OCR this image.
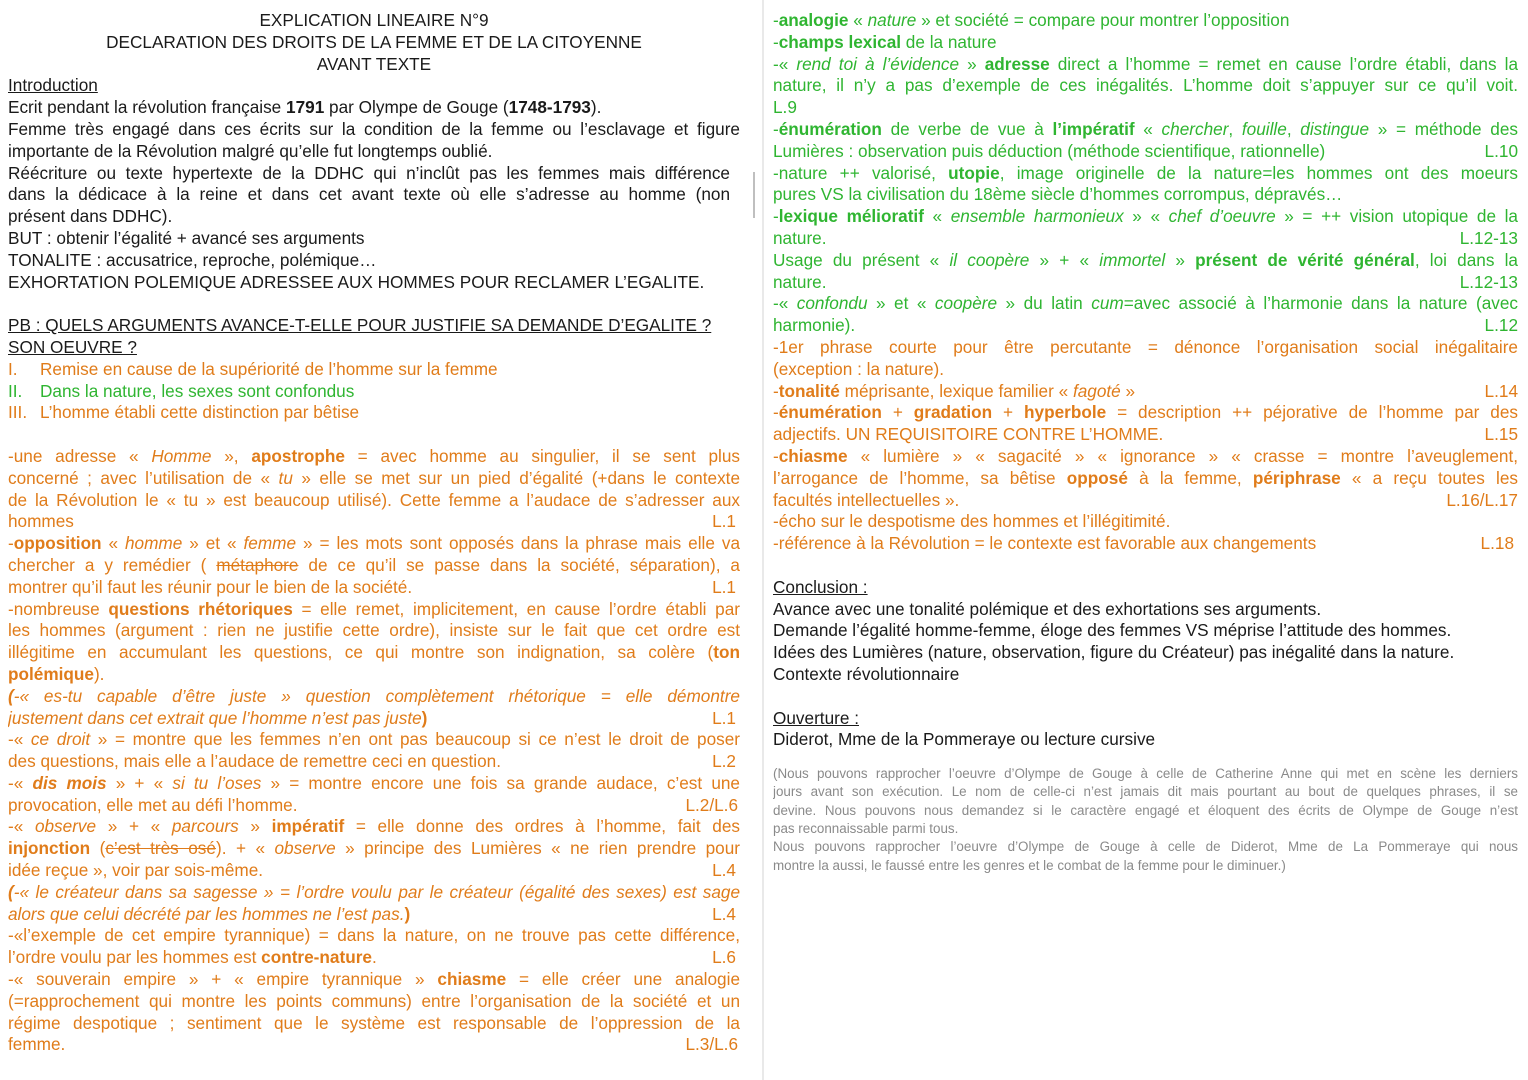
EXPLICATION LINEAIRE N°9
DECLARATION DES DROITS DE LA FEMME ET DE LA CITOYENNE
AVANT TEXTE
Introduction
Ecrit pendant la révolution française 1791 par Olympe de Gouge (1748-1793).
Femme très engagé dans ces écrits sur la condition de la femme ou l’esclavage et figure
importante de la Révolution malgré qu’elle fut longtemps oublié.
Réécriture ou texte hypertexte de la DDHC qui n’inclût pas les femmes mais différence
dans la dédicace à la reine et dans cet avant texte où elle s’adresse au homme (non
présent dans DDHC).
BUT : obtenir l’égalité + avancé ses arguments
TONALITE : accusatrice, reproche, polémique…
EXHORTATION POLEMIQUE ADRESSEE AUX HOMMES POUR RECLAMER L’EGALITE.
PB : QUELS ARGUMENTS AVANCE-T-ELLE POUR JUSTIFIE SA DEMANDE D’EGALITE ?
SON OEUVRE ?
I. Remise en cause de la supériorité de l’homme sur la femme
II. Dans la nature, les sexes sont confondus
III. L’homme établi cette distinction par bêtise
-une adresse « Homme », apostrophe = avec homme au singulier, il se sent plus
concerné ; avec l’utilisation de « tu » elle se met sur un pied d’égalité (+dans le contexte
de la Révolution le « tu » est beaucoup utilisé). Cette femme a l’audace de s’adresser aux
hommes	L.1
-opposition « homme » et « femme » = les mots sont opposés dans la phrase mais elle va
chercher a y remédier ( métaphore de ce qu’il se passe dans la société, séparation), a
montrer qu’il faut les réunir pour le bien de la société.	L.1
-nombreuse questions rhétoriques = elle remet, implicitement, en cause l’ordre établi par
les hommes (argument : rien ne justifie cette ordre), insiste sur le fait que cet ordre est
illégitime en accumulant les questions, ce qui montre son indignation, sa colère (ton
polémique).
(-« es-tu capable d’être juste » question complètement rhétorique = elle démontre
justement dans cet extrait que l’homme n’est pas juste)	L.1
-« ce droit » = montre que les femmes n’en ont pas beaucoup si ce n’est le droit de poser
des questions, mais elle a l’audace de remettre ceci en question.	L.2
-« dis mois » + « si tu l’oses » = montre encore une fois sa grande audace, c’est une
provocation, elle met au défi l’homme.	L.2/L.6
-« observe » + « parcours » impératif = elle donne des ordres à l’homme, fait des
injonction (c’est très osé). + « observe » principe des Lumières « ne rien prendre pour
idée reçue », voir par sois-même.	L.4
(-« le créateur dans sa sagesse » = l’ordre voulu par le créateur (égalité des sexes) est sage
alors que celui décrété par les hommes ne l’est pas.)	L.4
-«l’exemple de cet empire tyrannique) = dans la nature, on ne trouve pas cette différence,
l’ordre voulu par les hommes est contre-nature.	L.6
-« souverain empire » + « empire tyrannique » chiasme = elle créer une analogie
(=rapprochement qui montre les points communs) entre l’organisation de la société et un
régime despotique ; sentiment que le système est responsable de l’oppression de la
femme.	L.3/L.6
-analogie « nature » et société = compare pour montrer l’opposition
-champs lexical de la nature
-« rend toi à l’évidence » adresse direct a l’homme = remet en cause l’ordre établi, dans la
nature, il n’y a pas d’exemple de ces inégalités. L’homme doit s’appuyer sur ce qu’il voit.
L.9
-énumération de verbe de vue à l’impératif « chercher, fouille, distingue » = méthode des
Lumières : observation puis déduction (méthode scientifique, rationnelle)	L.10
-nature ++ valorisé, utopie, image originelle de la nature=les hommes ont des moeurs
pures VS la civilisation du 18ème siècle d’hommes corrompus, dépravés…
-lexique mélioratif « ensemble harmonieux » « chef d’oeuvre » = ++ vision utopique de la
nature.	L.12-13
Usage du présent « il coopère » + « immortel » présent de vérité général, loi dans la
nature.	L.12-13
-« confondu » et « coopère » du latin cum=avec associé à l’harmonie dans la nature (avec
harmonie).	L.12
-1er phrase courte pour être percutante = dénonce l’organisation social inégalitaire
(exception : la nature).
-tonalité méprisante, lexique familier « fagoté »	L.14
-énumération + gradation + hyperbole = description ++ péjorative de l’homme par des
adjectifs. UN REQUISITOIRE CONTRE L’HOMME.	L.15
-chiasme « lumière » « sagacité » « ignorance » « crasse = montre l’aveuglement,
l’arrogance de l’homme, sa bêtise opposé à la femme, périphrase « a reçu toutes les
facultés intellectuelles ».	L.16/L.17
-écho sur le despotisme des hommes et l’illégitimité.
-référence à la Révolution = le contexte est favorable aux changements	L.18
Conclusion :
Avance avec une tonalité polémique et des exhortations ses arguments.
Demande l’égalité homme-femme, éloge des femmes VS méprise l’attitude des hommes.
Idées des Lumières (nature, observation, figure du Créateur) pas inégalité dans la nature.
Contexte révolutionnaire
Ouverture :
Diderot, Mme de la Pommeraye ou lecture cursive
(Nous pouvons rapprocher l’oeuvre d’Olympe de Gouge à celle de Catherine Anne qui met en scène les derniers
jours avant son exécution. Le nom de celle-ci n’est jamais dit mais pourtant au bout de quelques phrases, il se
devine. Nous pouvons nous demandez si le caractère engagé et éloquent des écrits de Olympe de Gouge n’est
pas reconnaissable parmi tous.
Nous pouvons rapprocher l’oeuvre d’Olympe de Gouge à celle de Diderot, Mme de La Pommeraye qui nous
montre la aussi, le faussé entre les genres et le combat de la femme pour le diminuer.)
